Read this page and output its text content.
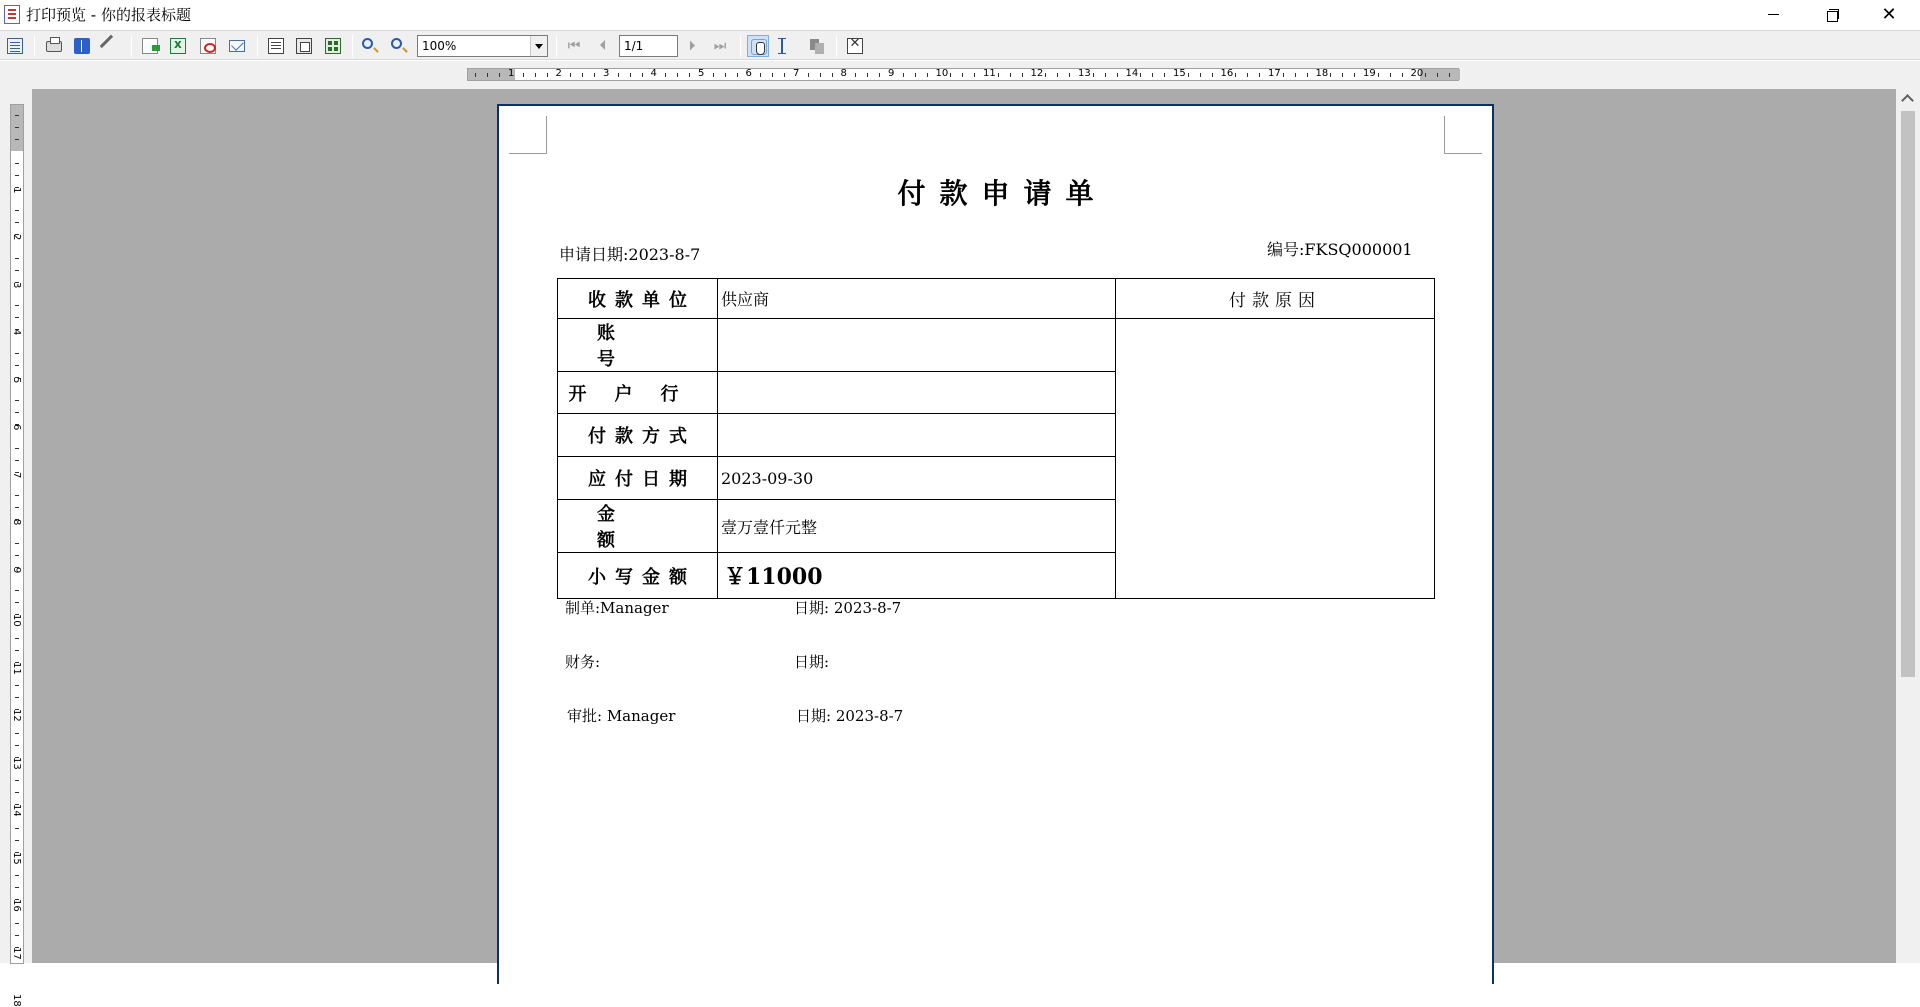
打印预览 - 你的报表标题	✕
x
100%	⏮	⏴	1/1	⏵	⏭	✕
1	2	3	4	5	6	7	8	9	10	11	12	13	14	15	16	17	18	19	20
1
2
3
4
5
6
7
8
9
10
11
12
13
14
15
16
17
18
付款申请单
申请日期:2023-8-7	编号:FKSQ000001
收款单位	供应商	付款原因
账号		
开户行		
付款方式		
应付日期	2023-09-30	
金额	壹万壹仟元整	
小写金额	￥11000	
制单:Manager	日期: 2023-8-7
财务:	日期:
审批: Manager	日期: 2023-8-7
